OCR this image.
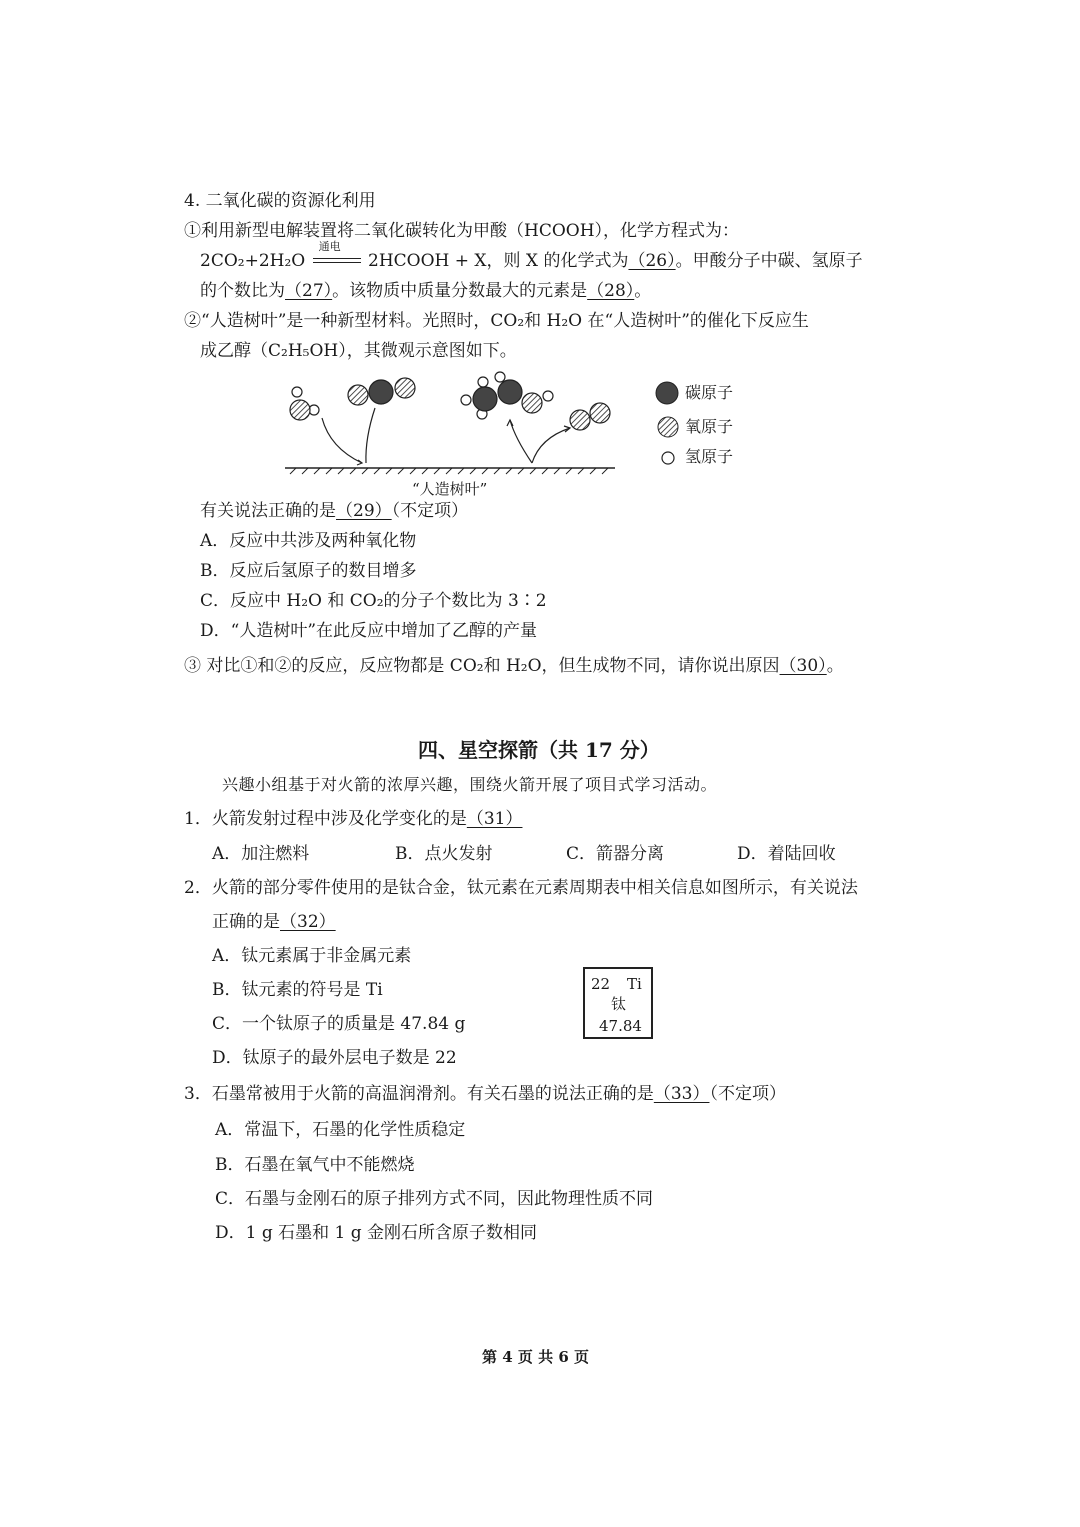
4. 二氧化碳的资源化利用
①利用新型电解装置将二氧化碳转化为甲酸（HCOOH），化学方程式为：
2CO₂+2H₂O
通电
2HCOOH + X，则 X 的化学式为（26）。甲酸分子中碳、氢原子
的个数比为（27）。该物质中质量分数最大的元素是（28）。
②“人造树叶”是一种新型材料。光照时，CO₂和 H₂O 在“人造树叶”的催化下反应生
成乙醇（C₂H₅OH），其微观示意图如下。
“人造树叶”
碳原子
氧原子
氢原子
有关说法正确的是（29）（不定项）
A．反应中共涉及两种氧化物
B．反应后氢原子的数目增多
C．反应中 H₂O 和 CO₂的分子个数比为 3∶2
D．“人造树叶”在此反应中增加了乙醇的产量
③ 对比①和②的反应，反应物都是 CO₂和 H₂O，但生成物不同，请你说出原因（30）。
四、星空探箭（共 17 分）
兴趣小组基于对火箭的浓厚兴趣，围绕火箭开展了项目式学习活动。
1．火箭发射过程中涉及化学变化的是（31）
A．加注燃料	B．点火发射	C．箭器分离	D．着陆回收
2．火箭的部分零件使用的是钛合金，钛元素在元素周期表中相关信息如图所示，有关说法
正确的是（32）
A．钛元素属于非金属元素
B．钛元素的符号是 Ti
C．一个钛原子的质量是 47.84 g
D．钛原子的最外层电子数是 22
22 Ti
钛
47.84
3．石墨常被用于火箭的高温润滑剂。有关石墨的说法正确的是（33）（不定项）
A．常温下，石墨的化学性质稳定
B．石墨在氧气中不能燃烧
C．石墨与金刚石的原子排列方式不同，因此物理性质不同
D．1 g 石墨和 1 g 金刚石所含原子数相同
第 4 页 共 6 页
